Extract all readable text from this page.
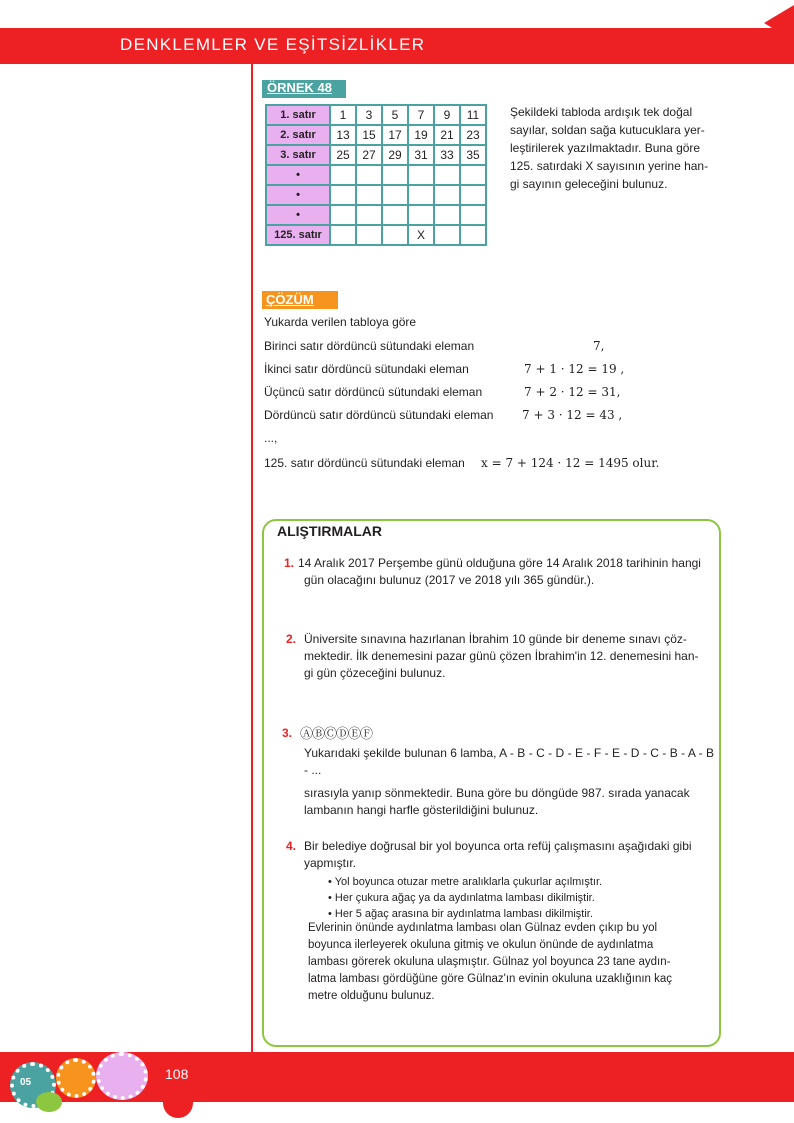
DENKLEMLER VE EŞİTSİZLİKLER
ÖRNEK 48
1. satır	1	3	5	7	9	11
2. satır	13	15	17	19	21	23
3. satır	25	27	29	31	33	35
•						
•						
•						
125. satır				X		
Şekildeki tabloda ardışık tek doğal
sayılar, soldan sağa kutucuklara yer-
leştirilerek yazılmaktadır. Buna göre
125. satırdaki X sayısının yerine han-
gi sayının geleceğini bulunuz.
ÇÖZÜM
Yukarda verilen tabloya göre
Birinci satır dördüncü sütundaki eleman	7,
İkinci satır dördüncü sütundaki eleman	7 + 1 · 12 = 19 ,
Üçüncü satır dördüncü sütundaki eleman	7 + 2 · 12 = 31,
Dördüncü satır dördüncü sütundaki eleman 7 + 3 · 12 = 43 ,
...,
125. satır dördüncü sütundaki eleman x = 7 + 124 · 12 = 1495 olur.
ALIŞTIRMALAR
1. 14 Aralık 2017 Perşembe günü olduğuna göre 14 Aralık 2018 tarihinin hangi
gün olacağını bulunuz (2017 ve 2018 yılı 365 gündür.).
2. Üniversite sınavına hazırlanan İbrahim 10 günde bir deneme sınavı çöz-
mektedir. İlk denemesini pazar günü çözen İbrahim'in 12. denemesini han-
gi gün çözeceğini bulunuz.
3. ⒶⒷⒸⒹⒺⒻ
Yukarıdaki şekilde bulunan 6 lamba, A - B - C - D - E - F - E - D - C - B - A - B - ...
sırasıyla yanıp sönmektedir. Buna göre bu döngüde 987. sırada yanacak
lambanın hangi harfle gösterildiğini bulunuz.
4. Bir belediye doğrusal bir yol boyunca orta refüj çalışmasını aşağıdaki gibi
yapmıştır.
• Yol boyunca otuzar metre aralıklarla çukurlar açılmıştır.
• Her çukura ağaç ya da aydınlatma lambası dikilmiştir.
• Her 5 ağaç arasına bir aydınlatma lambası dikilmiştir.
Evlerinin önünde aydınlatma lambası olan Gülnaz evden çıkıp bu yol
boyunca ilerleyerek okuluna gitmiş ve okulun önünde de aydınlatma
lambası görerek okuluna ulaşmıştır. Gülnaz yol boyunca 23 tane aydın-
latma lambası gördüğüne göre Gülnaz'ın evinin okuluna uzaklığının kaç
metre olduğunu bulunuz.
108
05
